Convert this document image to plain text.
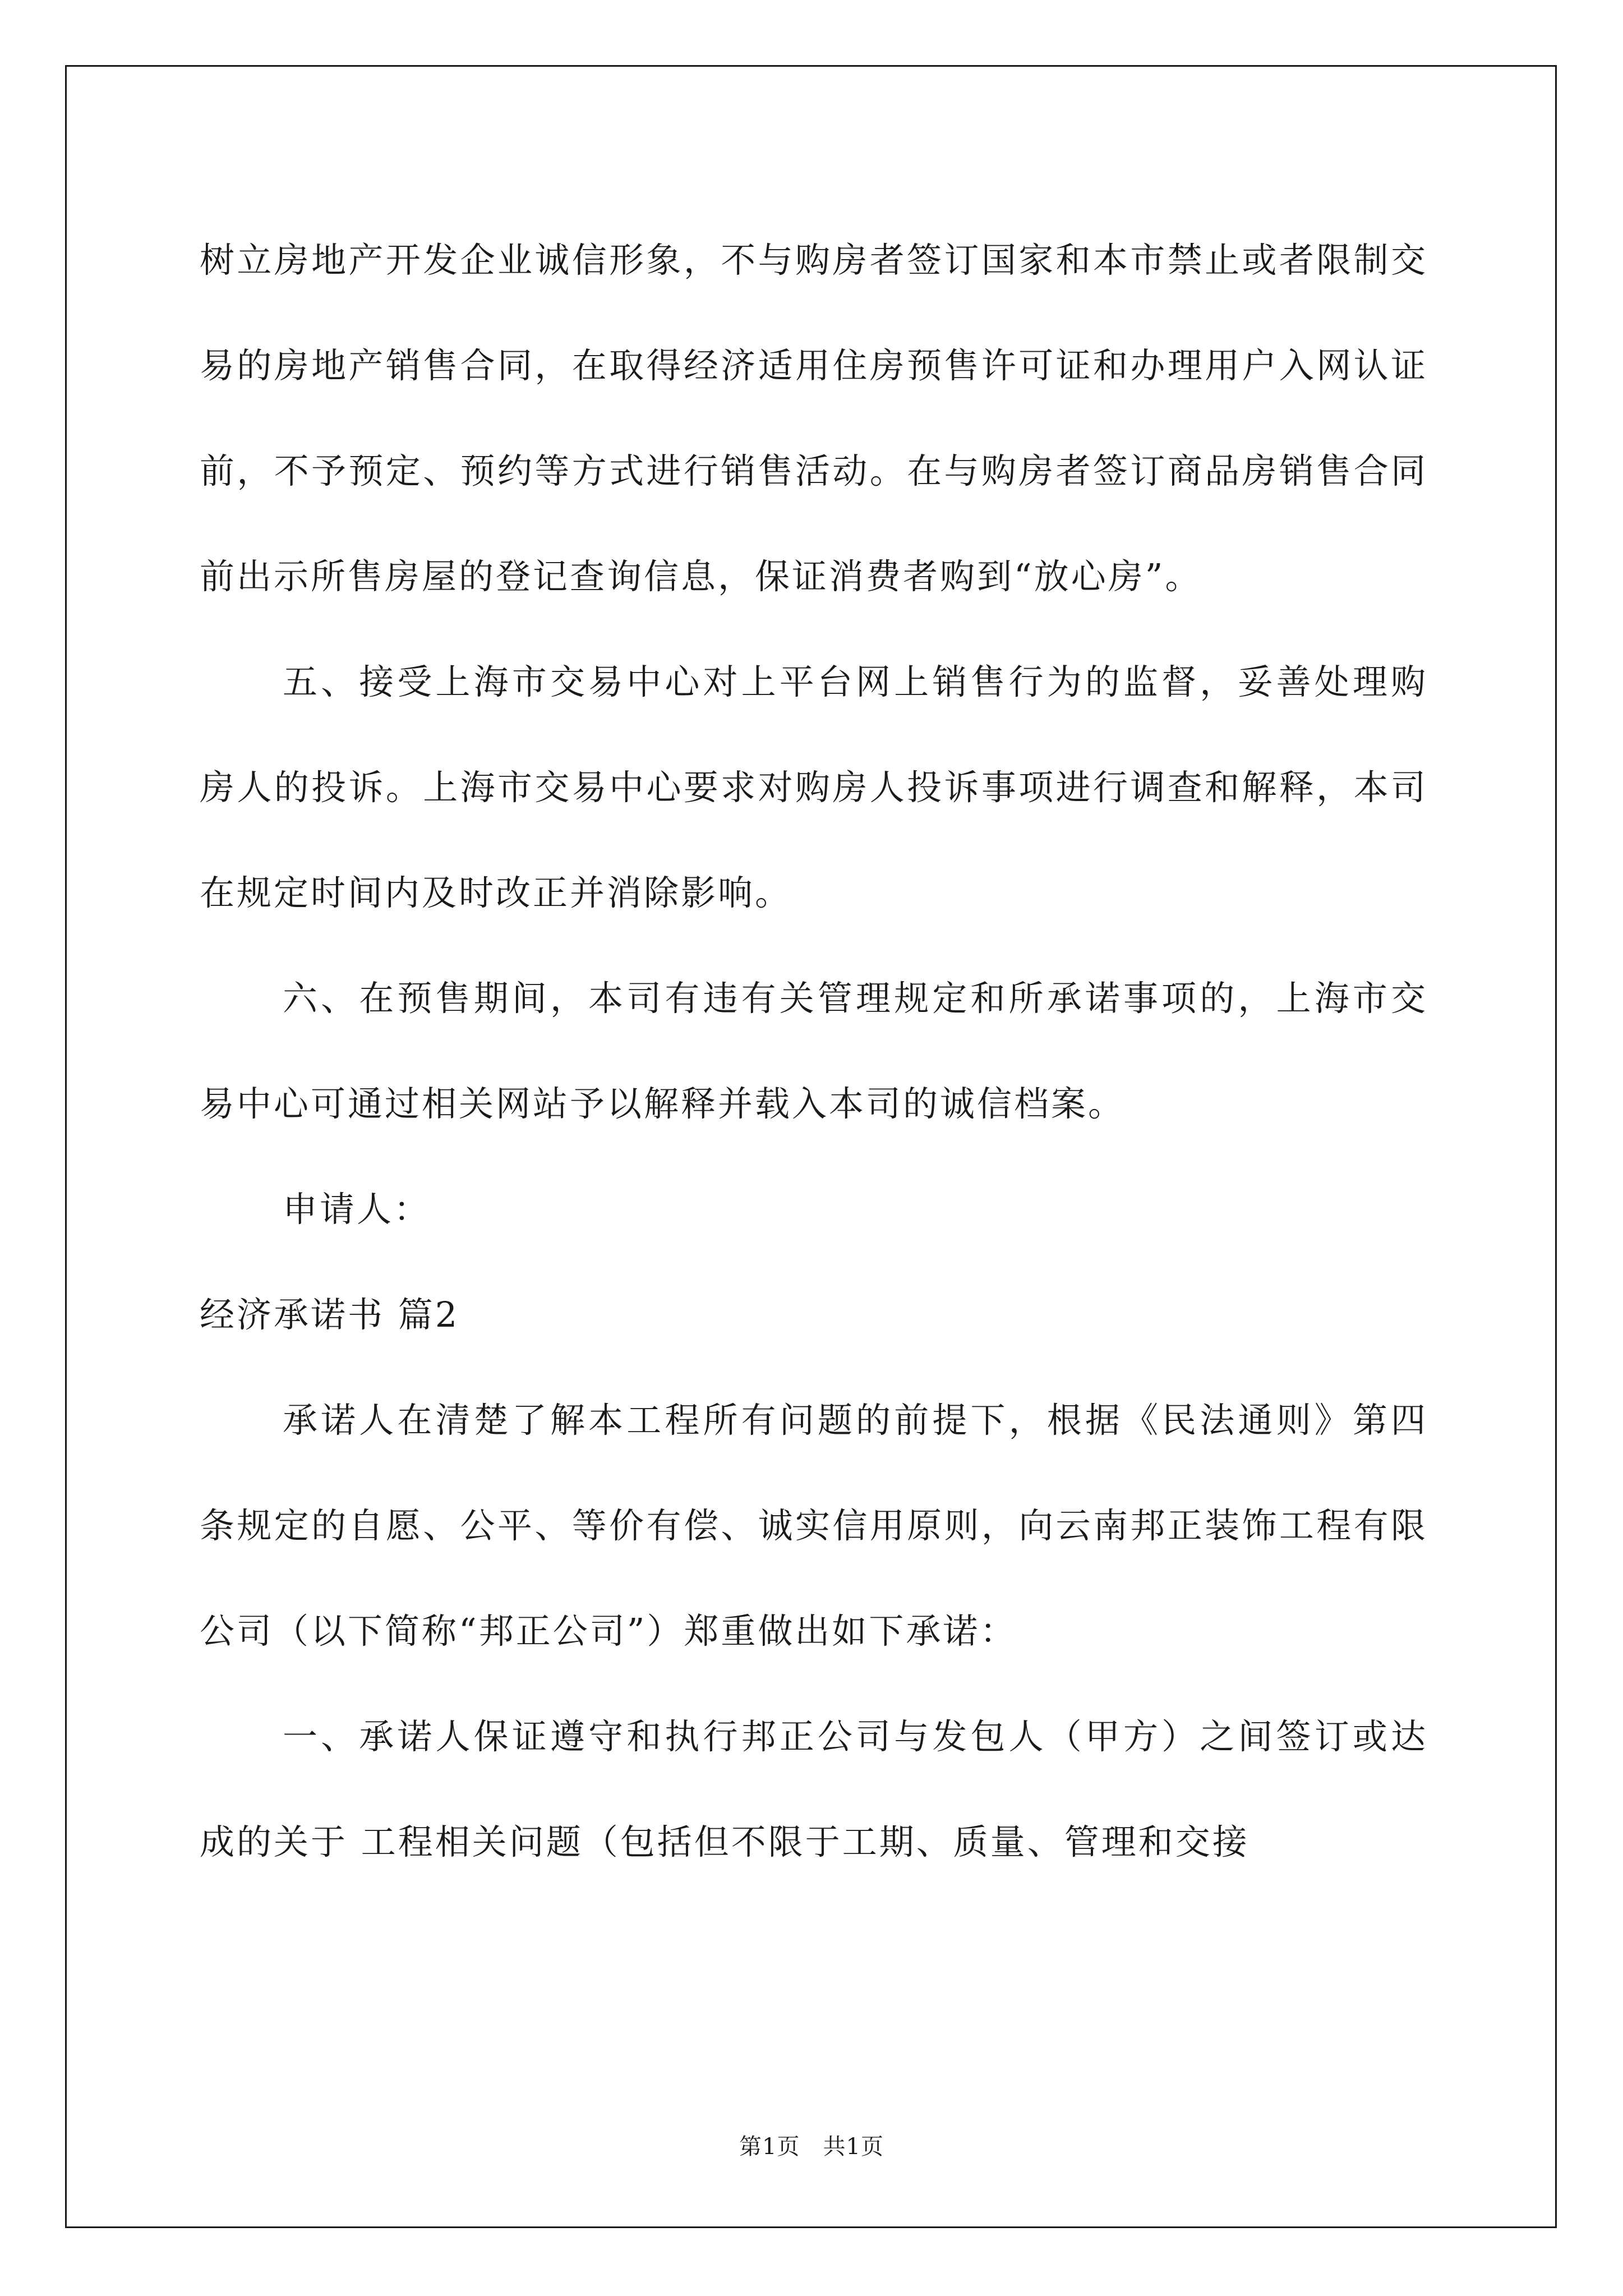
树立房地产开发企业诚信形象，不与购房者签订国家和本市禁止或者限制交易的房地产销售合同，在取得经济适用住房预售许可证和办理用户入网认证前，不予预定、预约等方式进行销售活动。在与购房者签订商品房销售合同前出示所售房屋的登记查询信息，保证消费者购到“放心房”。

五、接受上海市交易中心对上平台网上销售行为的监督，妥善处理购房人的投诉。上海市交易中心要求对购房人投诉事项进行调查和解释，本司在规定时间内及时改正并消除影响。

六、在预售期间，本司有违有关管理规定和所承诺事项的，上海市交易中心可通过相关网站予以解释并载入本司的诚信档案。

申请人：

经济承诺书 篇2

承诺人在清楚了解本工程所有问题的前提下，根据《民法通则》第四条规定的自愿、公平、等价有偿、诚实信用原则，向云南邦正装饰工程有限公司（以下简称“邦正公司”）郑重做出如下承诺：

一、承诺人保证遵守和执行邦正公司与发包人（甲方）之间签订或达成的关于 工程相关问题（包括但不限于工期、质量、管理和交接

第1页　共1页
